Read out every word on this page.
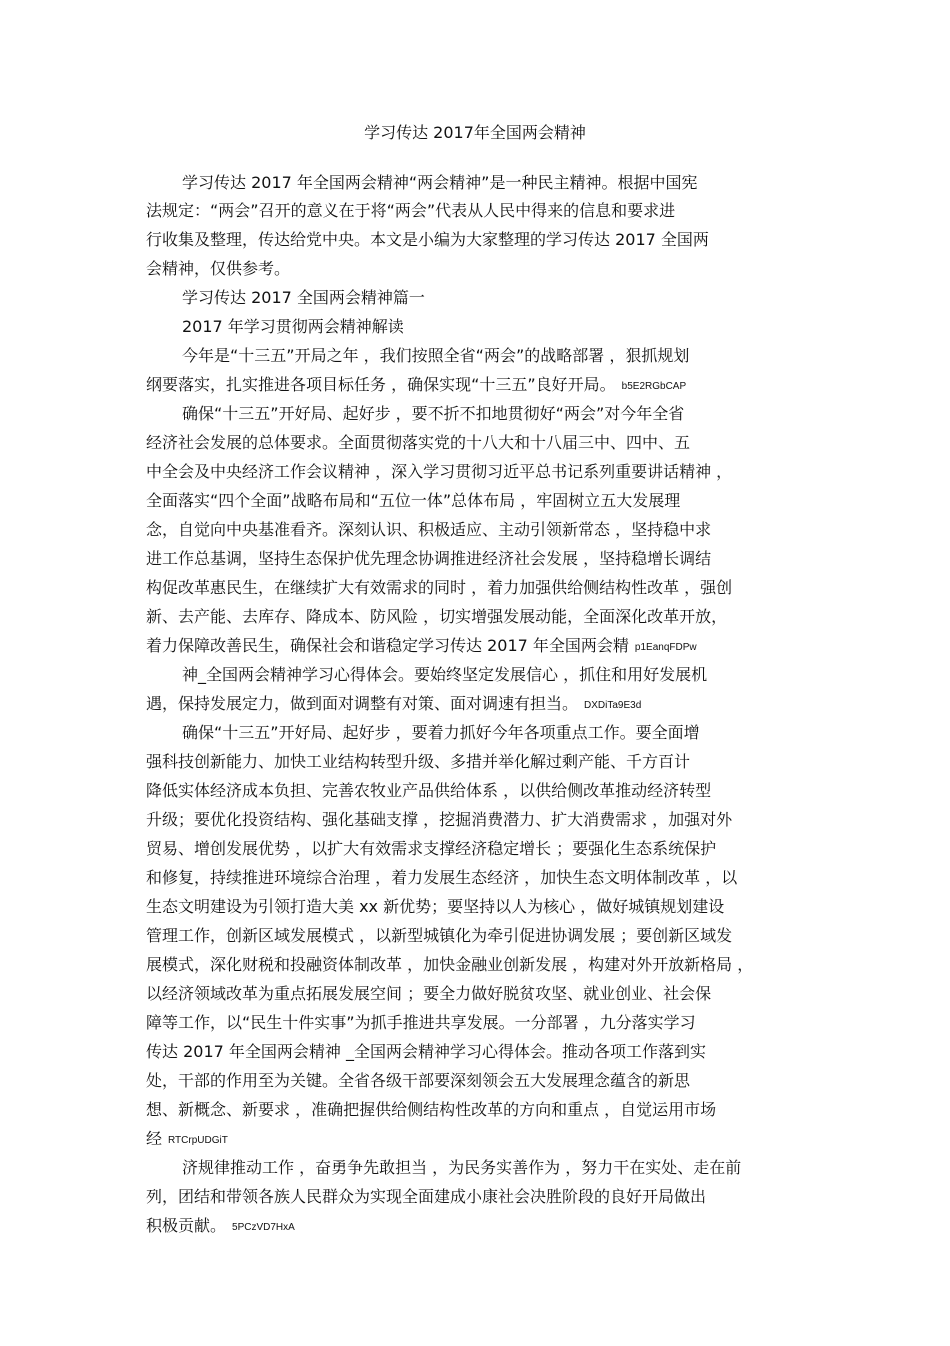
学习传达 2017年全国两会精神
学习传达 2017 年全国两会精神“两会精神”是一种民主精神。根据中国宪
法规定：“两会”召开的意义在于将“两会”代表从人民中得来的信息和要求进
行收集及整理，传达给党中央。本文是小编为大家整理的学习传达 2017 全国两
会精神，仅供参考。
学习传达 2017 全国两会精神篇一
2017 年学习贯彻两会精神解读
今年是“十三五”开局之年 ，我们按照全省“两会”的战略部署 ，狠抓规划
纲要落实，扎实推进各项目标任务 ，确保实现“十三五”良好开局。 b5E2RGbCAP
确保“十三五”开好局、起好步 ，要不折不扣地贯彻好“两会”对今年全省
经济社会发展的总体要求。全面贯彻落实党的十八大和十八届三中、四中、五
中全会及中央经济工作会议精神 ，深入学习贯彻习近平总书记系列重要讲话精神 ，
全面落实“四个全面”战略布局和“五位一体”总体布局 ，牢固树立五大发展理
念，自觉向中央基准看齐。深刻认识、积极适应、主动引领新常态 ，坚持稳中求
进工作总基调，坚持生态保护优先理念协调推进经济社会发展 ，坚持稳增长调结
构促改革惠民生，在继续扩大有效需求的同时 ，着力加强供给侧结构性改革 ，强创
新、去产能、去库存、降成本、防风险 ，切实增强发展动能，全面深化改革开放，
着力保障改善民生，确保社会和谐稳定学习传达 2017 年全国两会精 p1EanqFDPw
神_全国两会精神学习心得体会。要始终坚定发展信心 ，抓住和用好发展机
遇，保持发展定力，做到面对调整有对策、面对调速有担当。 DXDiTa9E3d
确保“十三五”开好局、起好步 ，要着力抓好今年各项重点工作。要全面增
强科技创新能力、加快工业结构转型升级、多措并举化解过剩产能、千方百计
降低实体经济成本负担、完善农牧业产品供给体系 ，以供给侧改革推动经济转型
升级；要优化投资结构、强化基础支撑 ，挖掘消费潜力、扩大消费需求 ，加强对外
贸易、增创发展优势 ，以扩大有效需求支撑经济稳定增长 ；要强化生态系统保护
和修复，持续推进环境综合治理 ，着力发展生态经济 ，加快生态文明体制改革 ，以
生态文明建设为引领打造大美 xx 新优势；要坚持以人为核心 ，做好城镇规划建设
管理工作，创新区域发展模式 ，以新型城镇化为牵引促进协调发展 ；要创新区域发
展模式，深化财税和投融资体制改革 ，加快金融业创新发展 ，构建对外开放新格局 ，
以经济领域改革为重点拓展发展空间 ；要全力做好脱贫攻坚、就业创业、社会保
障等工作，以“民生十件实事”为抓手推进共享发展。一分部署 ，九分落实学习
传达 2017 年全国两会精神 _全国两会精神学习心得体会。推动各项工作落到实
处，干部的作用至为关键。全省各级干部要深刻领会五大发展理念蕴含的新思
想、新概念、新要求 ，准确把握供给侧结构性改革的方向和重点 ，自觉运用市场
经 RTCrpUDGiT
济规律推动工作 ，奋勇争先敢担当 ，为民务实善作为 ，努力干在实处、走在前
列，团结和带领各族人民群众为实现全面建成小康社会决胜阶段的良好开局做出
积极贡献。 5PCzVD7HxA
